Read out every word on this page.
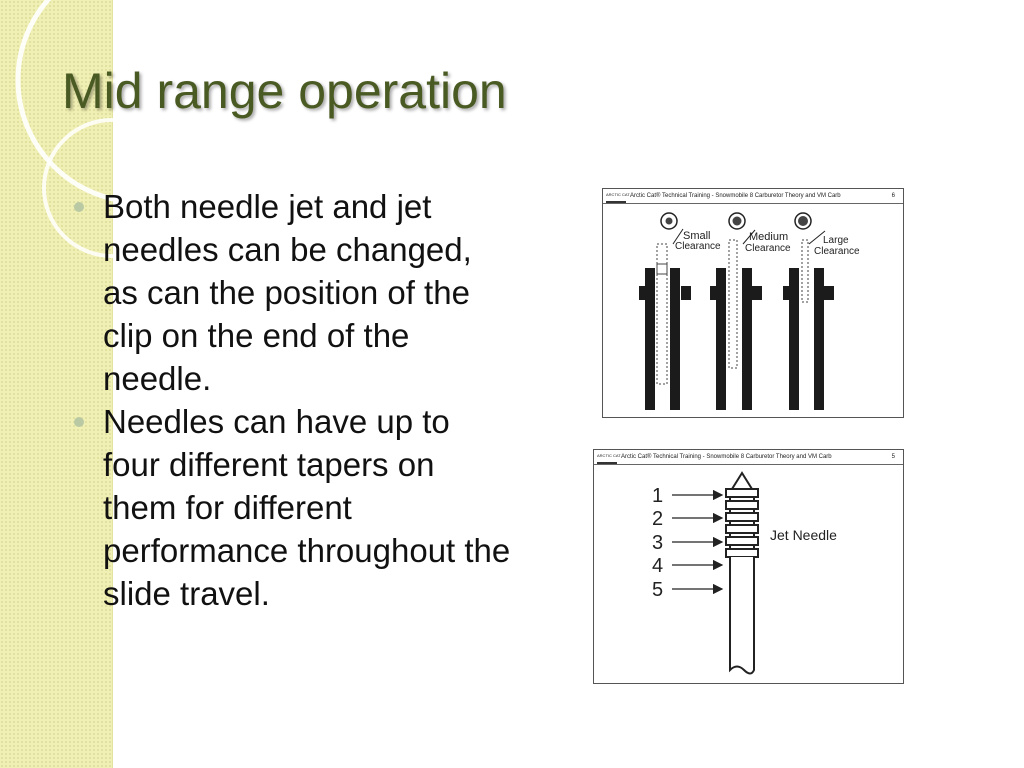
Mid range operation
Both needle jet and jet needles can be changed, as can the position of the clip on the end of the needle.
Needles can have up to four different tapers on them for different performance throughout the slide travel.
ARCTIC CATArctic Cat® Technical Training - Snowmobile 8 Carburetor Theory and VM Carb	6
Small
Clearance
Medium
Clearance
Large
Clearance
ARCTIC CATArctic Cat® Technical Training - Snowmobile 8 Carburetor Theory and VM Carb	5
1
2
3
4
5
Jet Needle
